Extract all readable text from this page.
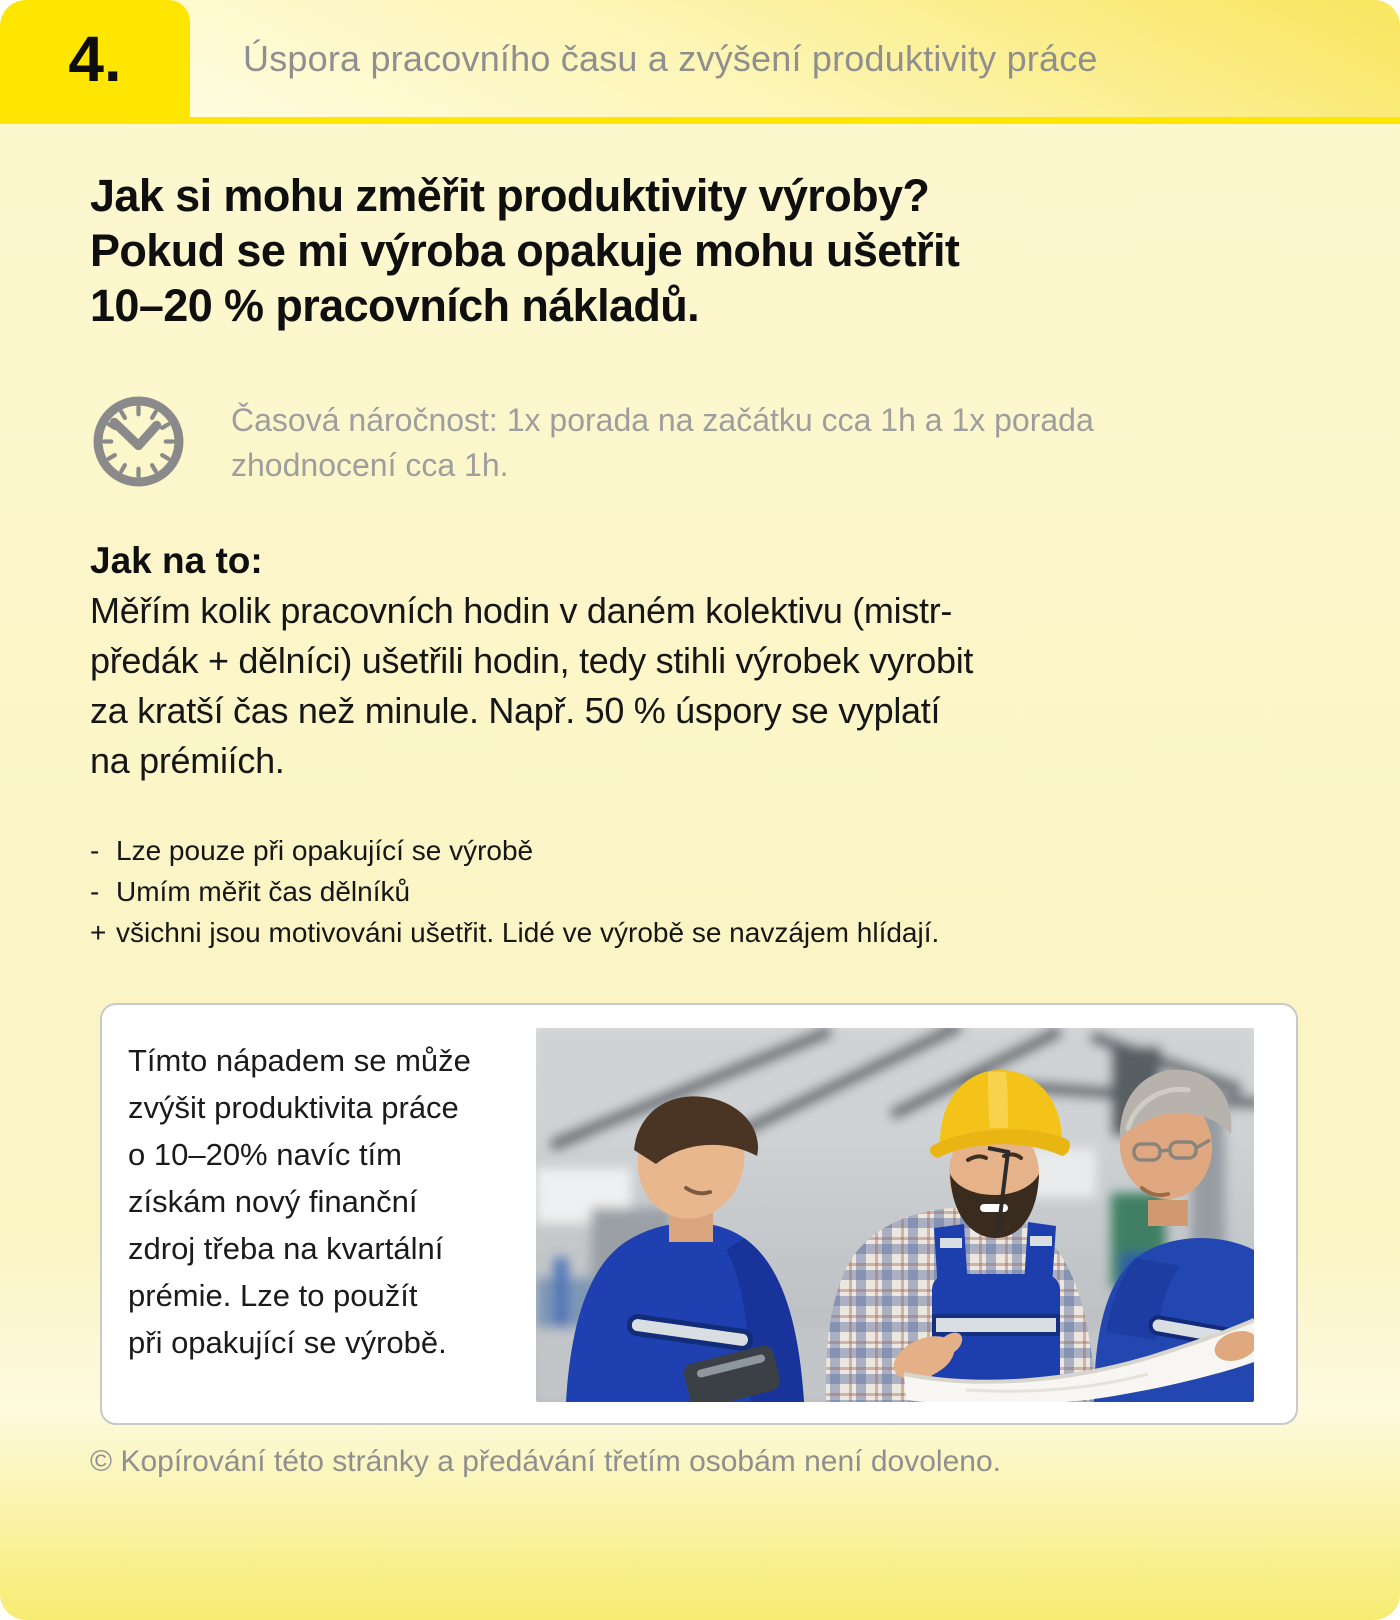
4.	Úspora pracovního času a zvýšení produktivity práce
Jak si mohu změřit produktivity výroby?
Pokud se mi výroba opakuje mohu ušetřit
10–20 % pracovních nákladů.
Časová náročnost: 1x porada na začátku cca 1h a 1x porada
zhodnocení cca 1h.
Jak na to:
Měřím kolik pracovních hodin v daném kolektivu (mistr-
předák + dělníci) ušetřili hodin, tedy stihli výrobek vyrobit
za kratší čas než minule. Např. 50 % úspory se vyplatí
na prémiích.
- Lze pouze při opakující se výrobě
- Umím měřit čas dělníků
+ všichni jsou motivováni ušetřit. Lidé ve výrobě se navzájem hlídají.
Tímto nápadem se může
zvýšit produktivita práce
o 10–20% navíc tím
získám nový finanční
zdroj třeba na kvartální
prémie. Lze to použít
při opakující se výrobě.
© Kopírování této stránky a předávání třetím osobám není dovoleno.
